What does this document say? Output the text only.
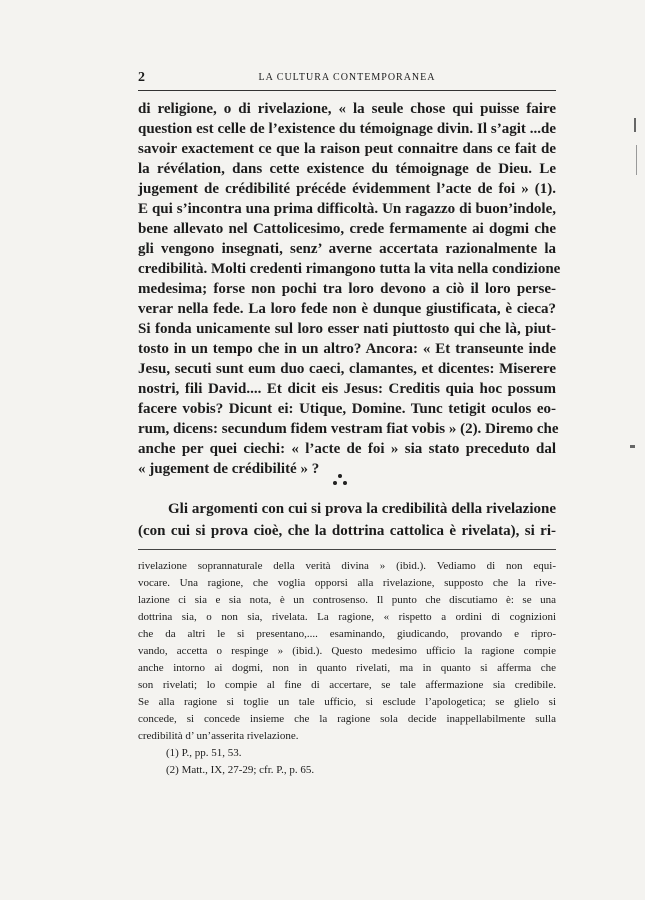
2	LA CULTURA CONTEMPORANEA
di religione, o di rivelazione, « la seule chose qui puisse faire
question est celle de l’existence du témoignage divin. Il s’agit ...de
savoir exactement ce que la raison peut connaitre dans ce fait de
la révélation, dans cette existence du témoignage de Dieu. Le
jugement de crédibilité précéde évidemment l’acte de foi » (1).
E qui s’incontra una prima difficoltà. Un ragazzo di buon’indole,
bene allevato nel Cattolicesimo, crede fermamente ai dogmi che
gli vengono insegnati, senz’ averne accertata razionalmente la
credibilità. Molti credenti rimangono tutta la vita nella condizione
medesima; forse non pochi tra loro devono a ciò il loro perse-
verar nella fede. La loro fede non è dunque giustificata, è cieca?
Si fonda unicamente sul loro esser nati piuttosto qui che là, piut-
tosto in un tempo che in un altro? Ancora: « Et transeunte inde
Jesu, secuti sunt eum duo caeci, clamantes, et dicentes: Miserere
nostri, fili David.... Et dicit eis Jesus: Creditis quia hoc possum
facere vobis? Dicunt ei: Utique, Domine. Tunc tetigit oculos eo-
rum, dicens: secundum fidem vestram fiat vobis » (2). Diremo che
anche per quei ciechi: « l’acte de foi » sia stato preceduto dal
« jugement de crédibilité » ?
Gli argomenti con cui si prova la credibilità della rivelazione
(con cui si prova cioè, che la dottrina cattolica è rivelata), si ri-
rivelazione soprannaturale della verità divina » (ibid.). Vediamo di non equi-
vocare. Una ragione, che voglia opporsi alla rivelazione, supposto che la rive-
lazione ci sia e sia nota, è un controsenso. Il punto che discutiamo è: se una
dottrina sia, o non sia, rivelata. La ragione, « rispetto a ordini di cognizioni
che da altri le si presentano,.... esaminando, giudicando, provando e ripro-
vando, accetta o respinge » (ibid.). Questo medesimo ufficio la ragione compie
anche intorno ai dogmi, non in quanto rivelati, ma in quanto si afferma che
son rivelati; lo compie al fine di accertare, se tale affermazione sia credibile.
Se alla ragione si toglie un tale ufficio, si esclude l’apologetica; se glielo si
concede, si concede insieme che la ragione sola decide inappellabilmente sulla
credibilità d’ un’asserita rivelazione.
(1) P., pp. 51, 53.
(2) Matt., IX, 27-29; cfr. P., p. 65.
